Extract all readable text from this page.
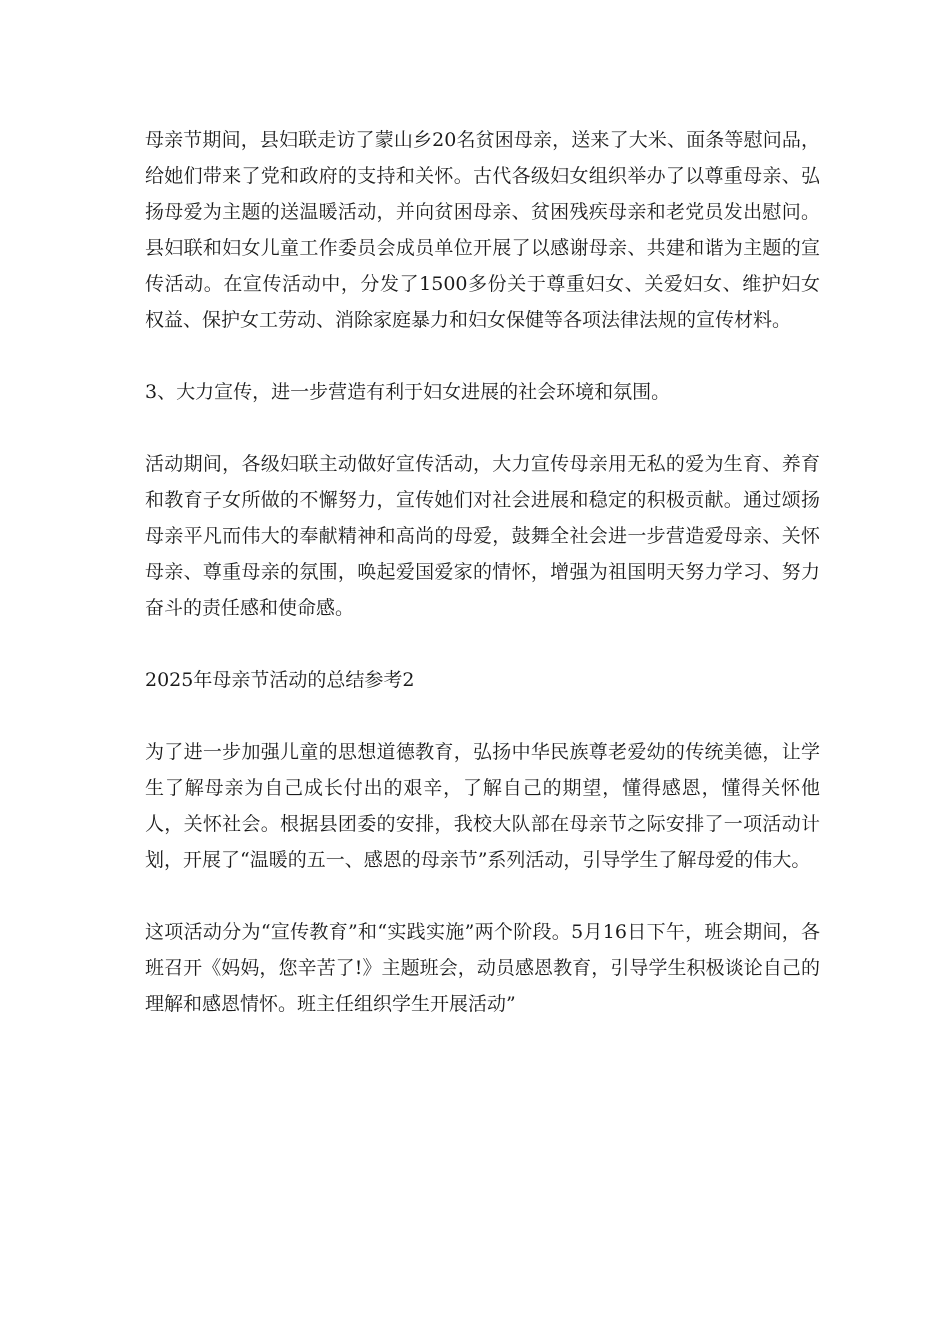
母亲节期间，县妇联走访了蒙山乡20名贫困母亲，送来了大米、面条等慰问品，给她们带来了党和政府的支持和关怀。古代各级妇女组织举办了以尊重母亲、弘扬母爱为主题的送温暖活动，并向贫困母亲、贫困残疾母亲和老党员发出慰问。县妇联和妇女儿童工作委员会成员单位开展了以感谢母亲、共建和谐为主题的宣传活动。在宣传活动中，分发了1500多份关于尊重妇女、关爱妇女、维护妇女权益、保护女工劳动、消除家庭暴力和妇女保健等各项法律法规的宣传材料。

3、大力宣传，进一步营造有利于妇女进展的社会环境和氛围。

活动期间，各级妇联主动做好宣传活动，大力宣传母亲用无私的爱为生育、养育和教育子女所做的不懈努力，宣传她们对社会进展和稳定的积极贡献。通过颂扬母亲平凡而伟大的奉献精神和高尚的母爱，鼓舞全社会进一步营造爱母亲、关怀母亲、尊重母亲的氛围，唤起爱国爱家的情怀，增强为祖国明天努力学习、努力奋斗的责任感和使命感。

2025年母亲节活动的总结参考2

为了进一步加强儿童的思想道德教育，弘扬中华民族尊老爱幼的传统美德，让学生了解母亲为自己成长付出的艰辛，了解自己的期望，懂得感恩，懂得关怀他人，关怀社会。根据县团委的安排，我校大队部在母亲节之际安排了一项活动计划，开展了“温暖的五一、感恩的母亲节”系列活动，引导学生了解母爱的伟大。

这项活动分为“宣传教育”和“实践实施”两个阶段。5月16日下午，班会期间，各班召开《妈妈，您辛苦了!》主题班会，动员感恩教育，引导学生积极谈论自己的理解和感恩情怀。班主任组织学生开展活动”
